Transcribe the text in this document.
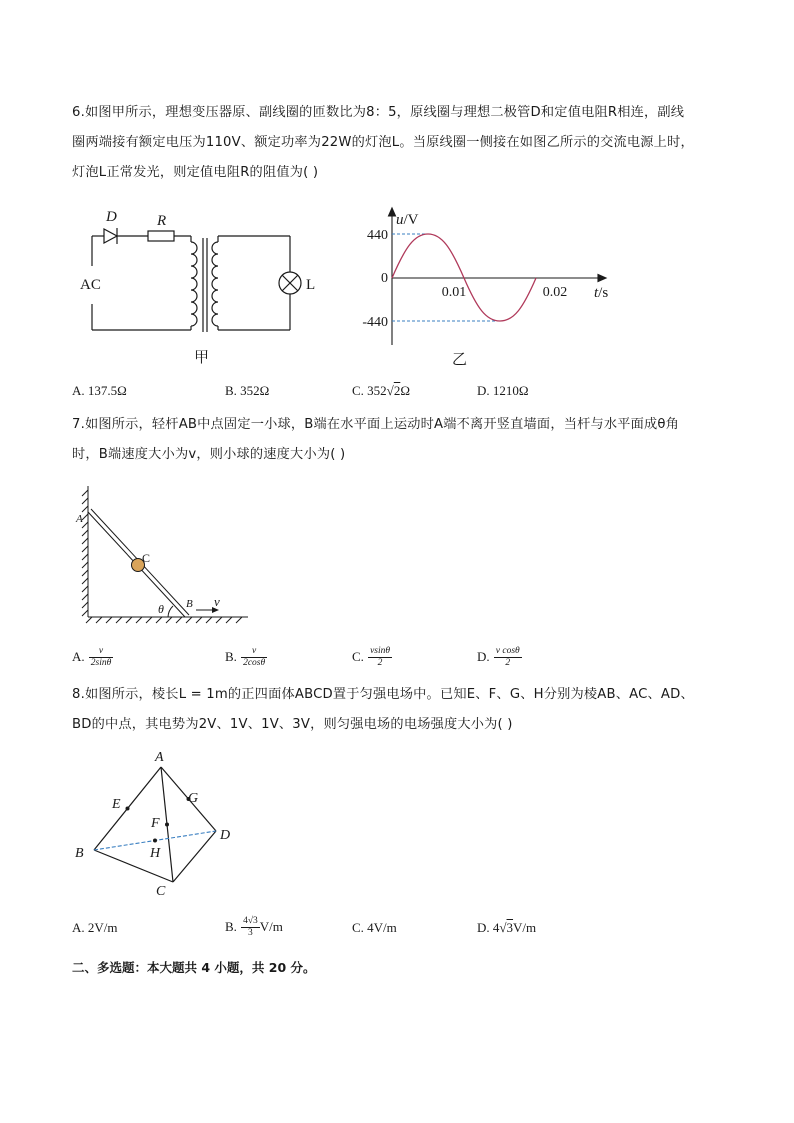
6.如图甲所示，理想变压器原、副线圈的匝数比为8：5，原线圈与理想二极管D和定值电阻R相连，副线
圈两端接有额定电压为110V、额定功率为22W的灯泡L。当原线圈一侧接在如图乙所示的交流电源上时，
灯泡L正常发光，则定值电阻R的阻值为( )
D	R
AC	L
甲
u/V
440
0
-440
0.01	0.02 t/s
乙
A. 137.5Ω	B. 352Ω	C. 352√2Ω	D. 1210Ω
7.如图所示，轻杆AB中点固定一小球，B端在水平面上运动时A端不离开竖直墙面，当杆与水平面成θ角
时，B端速度大小为v，则小球的速度大小为( )
A
C
B
θ	v
A. $\frac{v}{2\sin\theta}$	B. $\frac{v}{2\cos\theta}$	C. $\frac{vsin\theta}{2}$	D. $\frac{\text{v cosθ}}{2}$
8.如图所示，棱长L = 1m的正四面体ABCD置于匀强电场中。已知E、F、G、H分别为棱AB、AC、AD、
BD的中点，其电势为2V、1V、1V、3V，则匀强电场的电场强度大小为( )
A
B
C
D
E
F
G
H
A. 2V/m	B. $\frac{4√3}{3} V/m$	C. 4V/m	D. 4√3V/m
二、多选题：本大题共 4 小题，共 20 分。
